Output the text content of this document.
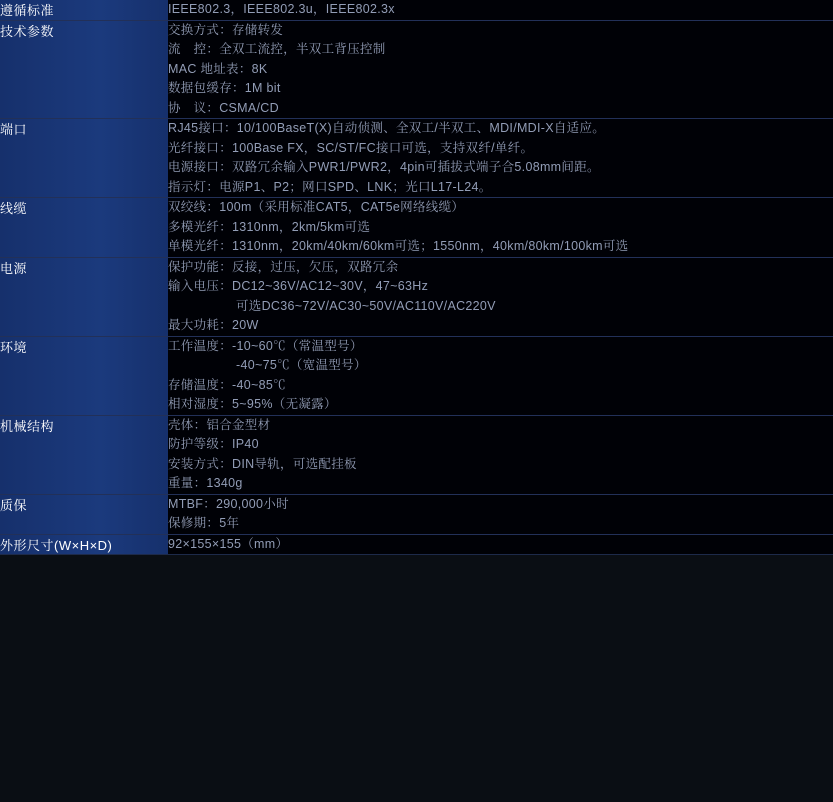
遵循标准	IEEE802.3，IEEE802.3u，IEEE802.3x

技术参数	交换方式：存储转发
流　控：全双工流控，半双工背压控制
MAC 地址表：8K
数据包缓存：1M bit
协　议：CSMA/CD

端口	RJ45接口：10/100BaseT(X)自动侦测、全双工/半双工、MDI/MDI-X自适应。
光纤接口：100Base FX，SC/ST/FC接口可选，支持双纤/单纤。
电源接口：双路冗余输入PWR1/PWR2，4pin可插拔式端子合5.08mm间距。
指示灯：电源P1、P2；网口SPD、LNK；光口L17-L24。

线缆	双绞线：100m（采用标准CAT5，CAT5e网络线缆）
多模光纤：1310nm，2km/5km可选
单模光纤：1310nm，20km/40km/60km可选；1550nm，40km/80km/100km可选

电源	保护功能：反接，过压，欠压，双路冗余
输入电压：DC12~36V/AC12~30V，47~63Hz
可选DC36~72V/AC30~50V/AC110V/AC220V
最大功耗：20W

环境	工作温度：-10~60℃（常温型号）
-40~75℃（宽温型号）
存储温度：-40~85℃
相对湿度：5~95%（无凝露）

机械结构	壳体：铝合金型材
防护等级：IP40
安装方式：DIN导轨，可选配挂板
重量：1340g

质保	MTBF：290,000小时
保修期：5年

外形尺寸(W×H×D)	92×155×155（mm）
